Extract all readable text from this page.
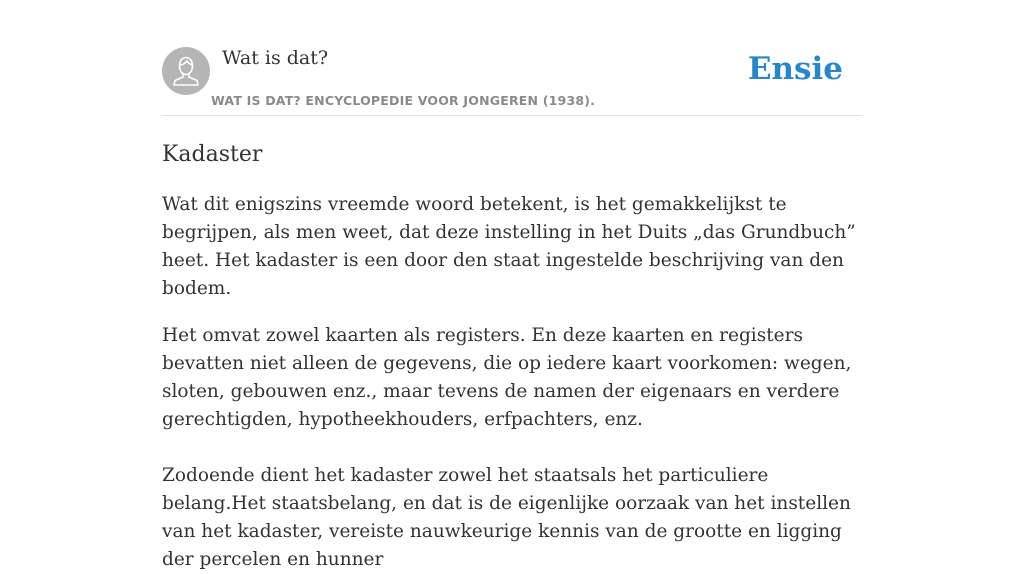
Wat is dat?
WAT IS DAT? ENCYCLOPEDIE VOOR JONGEREN (1938).
Ensie
Kadaster

Wat dit enigszins vreemde woord betekent, is het gemakkelijkst te begrijpen, als men weet, dat deze instelling in het Duits „das Grundbuch” heet. Het kadaster is een door den staat ingestelde beschrijving van den bodem.

Het omvat zowel kaarten als registers. En deze kaarten en registers bevatten niet alleen de gegevens, die op iedere kaart voorkomen: wegen, sloten, gebouwen enz., maar tevens de namen der eigenaars en verdere gerechtigden, hypotheekhouders, erfpachters, enz.

Zodoende dient het kadaster zowel het staatsals het particuliere belang.Het staatsbelang, en dat is de eigenlijke oorzaak van het instellen van het kadaster, vereiste nauwkeurige kennis van de grootte en ligging der percelen en hunner
